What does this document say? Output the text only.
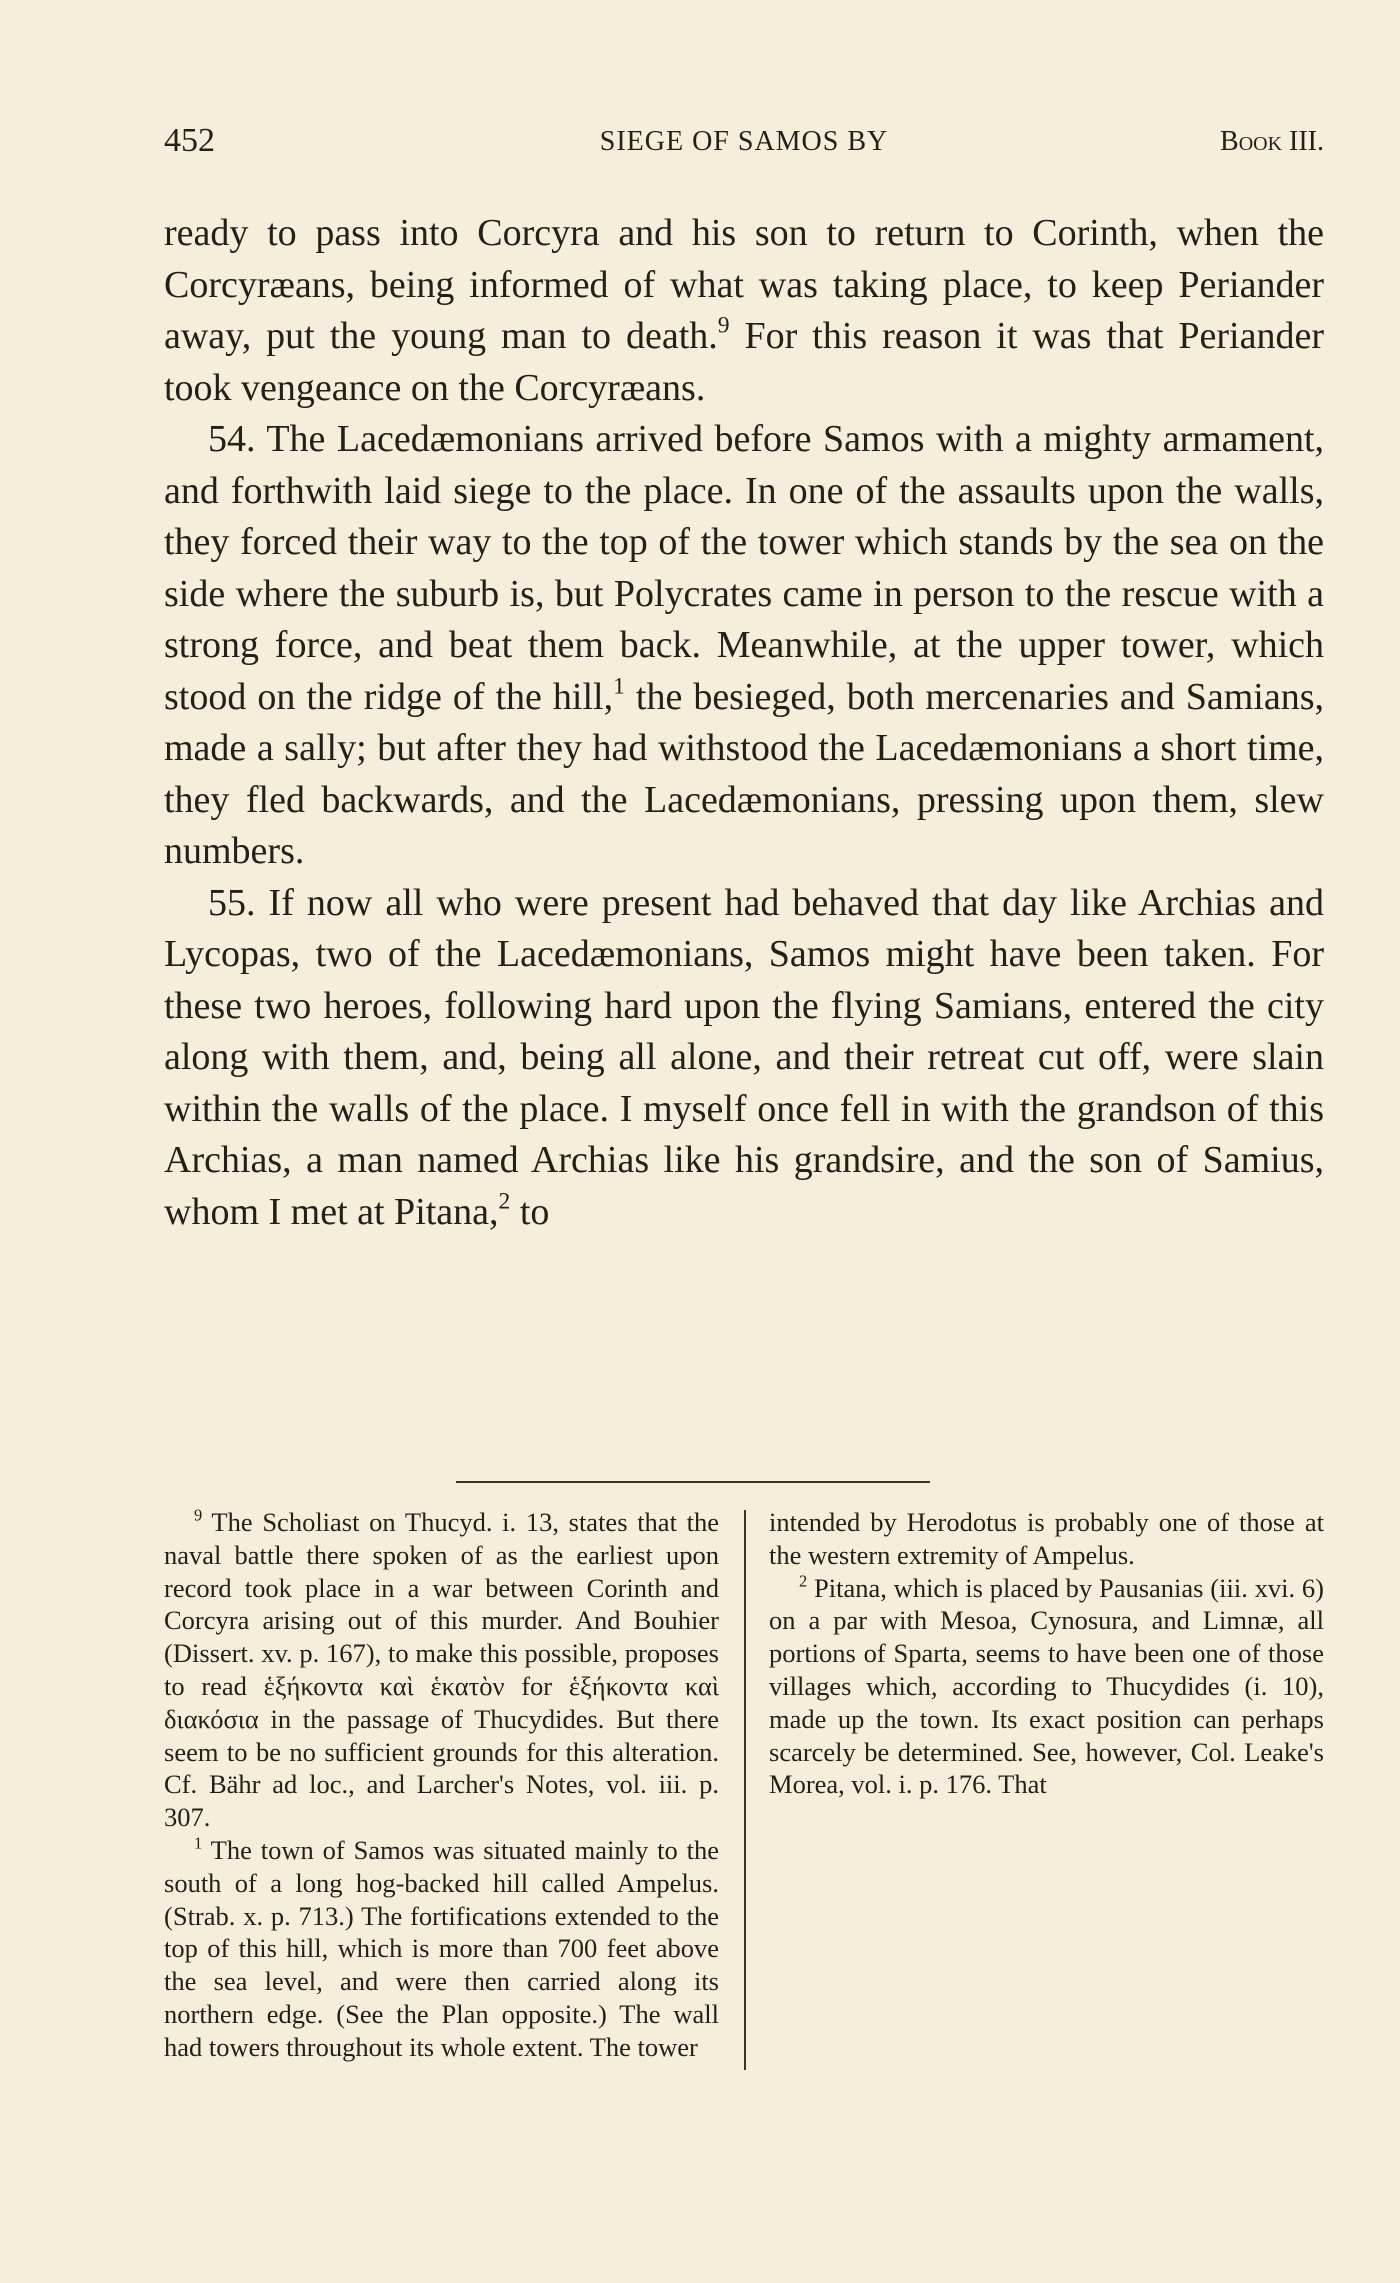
452	SIEGE OF SAMOS BY	Book III.

ready to pass into Corcyra and his son to return to Corinth, when the Corcyræans, being informed of what was taking place, to keep Periander away, put the young man to death.$^9$ For this reason it was that Periander took vengeance on the Corcyræans.

54. The Lacedæmonians arrived before Samos with a mighty armament, and forthwith laid siege to the place. In one of the assaults upon the walls, they forced their way to the top of the tower which stands by the sea on the side where the suburb is, but Polycrates came in person to the rescue with a strong force, and beat them back. Meanwhile, at the upper tower, which stood on the ridge of the hill,$^1$ the besieged, both mercenaries and Samians, made a sally; but after they had withstood the Lacedæmonians a short time, they fled backwards, and the Lacedæmonians, pressing upon them, slew numbers.

55. If now all who were present had behaved that day like Archias and Lycopas, two of the Lacedæmonians, Samos might have been taken. For these two heroes, following hard upon the flying Samians, entered the city along with them, and, being all alone, and their retreat cut off, were slain within the walls of the place. I myself once fell in with the grandson of this Archias, a man named Archias like his grandsire, and the son of Samius, whom I met at Pitana,$^2$ to

$^9$ The Scholiast on Thucyd. i. 13, states that the naval battle there spoken of as the earliest upon record took place in a war between Corinth and Corcyra arising out of this murder. And Bouhier (Dissert. xv. p. 167), to make this possible, proposes to read ἑξήκοντα καὶ ἑκατὸν for ἑξήκοντα καὶ διακόσια in the passage of Thucydides. But there seem to be no sufficient grounds for this alteration. Cf. Bähr ad loc., and Larcher's Notes, vol. iii. p. 307.

$^1$ The town of Samos was situated mainly to the south of a long hog-backed hill called Ampelus. (Strab. x. p. 713.) The fortifications extended to the top of this hill, which is more than 700 feet above the sea level, and were then carried along its northern edge. (See the Plan opposite.) The wall had towers throughout its whole extent. The tower

intended by Herodotus is probably one of those at the western extremity of Ampelus.

$^2$ Pitana, which is placed by Pausanias (iii. xvi. 6) on a par with Mesoa, Cynosura, and Limnæ, all portions of Sparta, seems to have been one of those villages which, according to Thucydides (i. 10), made up the town. Its exact position can perhaps scarcely be determined. See, however, Col. Leake's Morea, vol. i. p. 176. That
